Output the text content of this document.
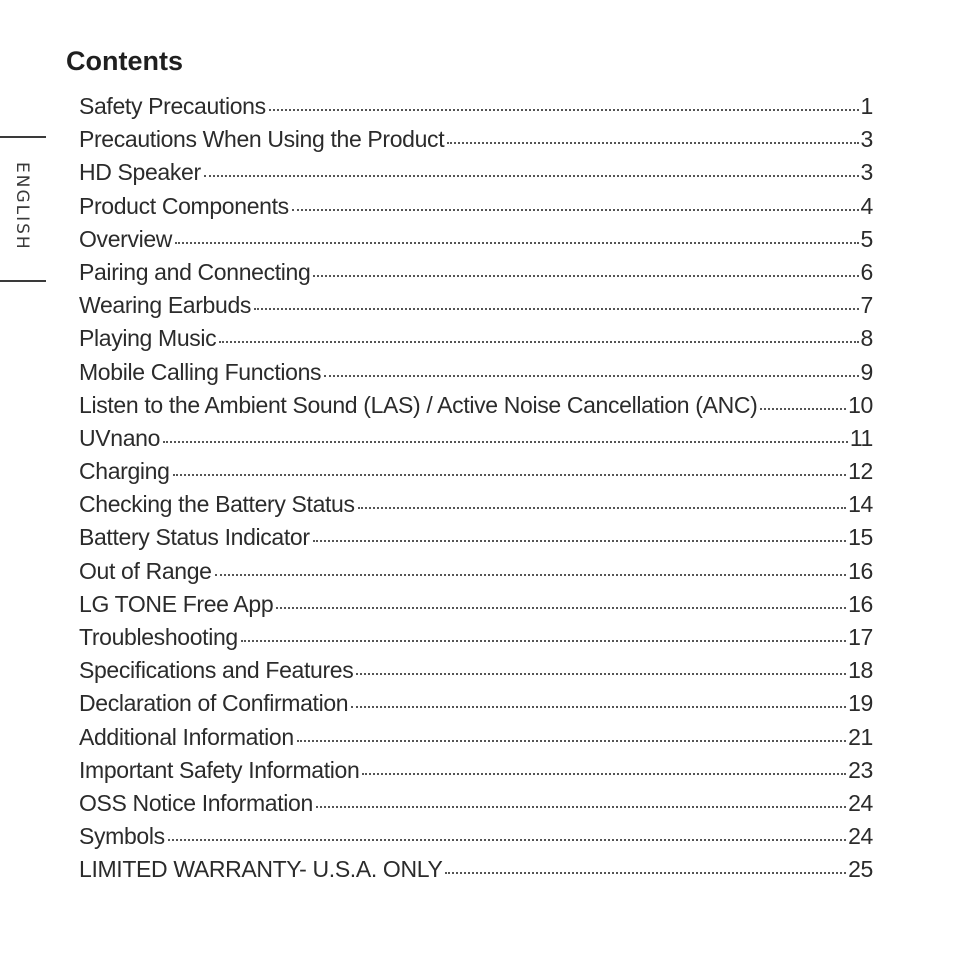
ENGLISH
Contents
Safety Precautions	1
Precautions When Using the Product	3
HD Speaker	3
Product Components	4
Overview	5
Pairing and Connecting	6
Wearing Earbuds	7
Playing Music	8
Mobile Calling Functions	9
Listen to the Ambient Sound (LAS) / Active Noise Cancellation (ANC)	10
UVnano	11
Charging	12
Checking the Battery Status	14
Battery Status Indicator	15
Out of Range	16
LG TONE Free App	16
Troubleshooting	17
Specifications and Features	18
Declaration of Confirmation	19
Additional Information	21
Important Safety Information	23
OSS Notice Information	24
Symbols	24
LIMITED WARRANTY- U.S.A. ONLY	25
